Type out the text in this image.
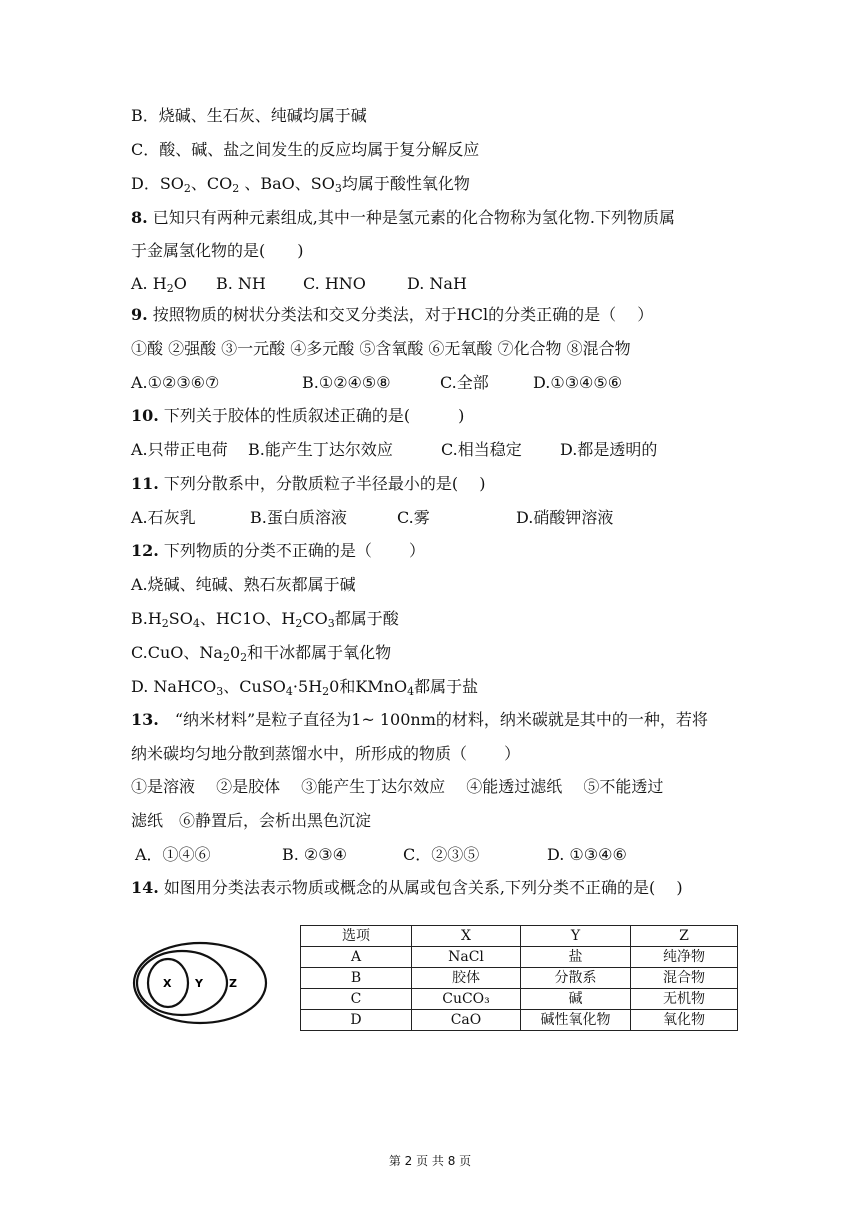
B．烧碱、生石灰、纯碱均属于碱
C．酸、碱、盐之间发生的反应均属于复分解反应
D．$SO_2$、$CO_2$ 、BaO、$SO_3$均属于酸性氧化物
8. 已知只有两种元素组成,其中一种是氢元素的化合物称为氢化物.下列物质属
于金属氢化物的是(　　)
A. $H_2O$ B. NH C. HNO	D. NaH
9. 按照物质的树状分类法和交叉分类法，对于HCl的分类正确的是（　 ）
①酸 ②强酸 ③一元酸 ④多元酸 ⑤含氧酸 ⑥无氧酸 ⑦化合物 ⑧混合物
A.①②③⑥⑦	B.①②④⑤⑧	C.全部	D.①③④⑤⑥
10. 下列关于胶体的性质叙述正确的是(　　　)
A.只带正电荷 B.能产生丁达尔效应	C.相当稳定 D.都是透明的
11. 下列分散系中，分散质粒子半径最小的是(　 )
A.石灰乳	B.蛋白质溶液	C.雾	D.硝酸钾溶液
12. 下列物质的分类不正确的是（　　 ）
A.烧碱、纯碱、熟石灰都属于碱
$B.H_2SO_4$、HC1O、$H_2CO_3$都属于酸
C.CuO、$Na_20_2$和干冰都属于氧化物
D. NaHCO$_3$、$CuSO_4\cdot 5H_20$和KMnO$_4$都属于盐
13.　“纳米材料”是粒子直径为1~ 100nm的材料，纳米碳就是其中的一种，若将
纳米碳均匀地分散到蒸馏水中，所形成的物质（　　 ）
①是溶液　 ②是胶体　 ③能产生丁达尔效应　 ④能透过滤纸　 ⑤不能透过
滤纸　⑥静置后，会析出黑色沉淀
A．①④⑥	B. ②③④	C．②③⑤	D. ①③④⑥
14. 如图用分类法表示物质或概念的从属或包含关系,下列分类不正确的是(　 )
X Y Z
选项	X	Y	Z
A	NaCl	盐	纯净物
B	胶体	分散系	混合物
C	CuCO₃	碱	无机物
D	CaO	碱性氧化物	氧化物
第 2 页 共 8 页
